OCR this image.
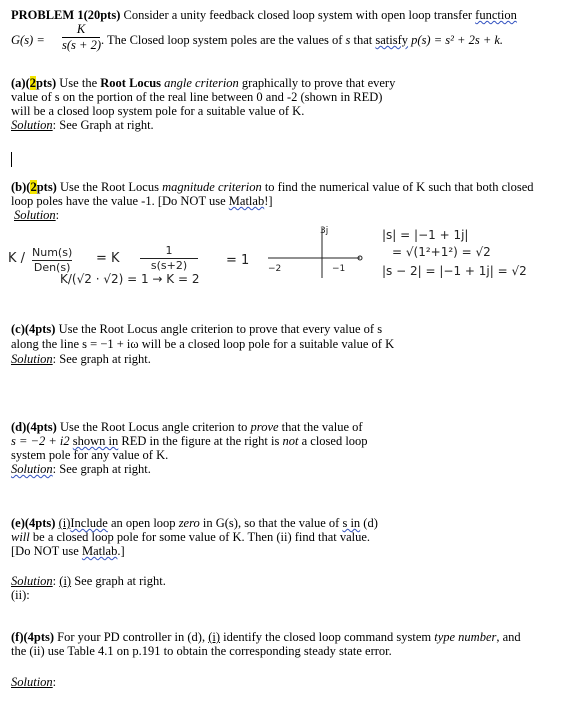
PROBLEM 1(20pts) Consider a unity feedback closed loop system with open loop transfer function
G(s) =
K
s(s + 2) . The Closed loop system poles are the values of s that satisfy p(s) = s² + 2s + k.
(a)(2pts) Use the Root Locus angle criterion graphically to prove that every
value of s on the portion of the real line between 0 and -2 (shown in RED)
will be a closed loop system pole for a suitable value of K.
Solution: See Graph at right.
(b)(2pts) Use the Root Locus magnitude criterion to find the numerical value of K such that both closed
loop poles have the value -1. [Do NOT use Matlab!]
Solution:
K / Num(s)
Den(s)
= K
1
s(s+2)	= 1
K/(√2 · √2) = 1 → K = 2
3j
−2	−1
|s| = |−1 + 1j|
= √(1²+1²) = √2
|s − 2| = |−1 + 1j| = √2
(c)(4pts) Use the Root Locus angle criterion to prove that every value of s
along the line s = −1 + iω will be a closed loop pole for a suitable value of K
Solution: See graph at right.
(d)(4pts) Use the Root Locus angle criterion to prove that the value of
s = −2 + i2 shown in RED in the figure at the right is not a closed loop
system pole for any value of K.
Solution: See graph at right.
(e)(4pts) (i)Include an open loop zero in G(s), so that the value of s in (d)
will be a closed loop pole for some value of K. Then (ii) find that value.
[Do NOT use Matlab.]
Solution: (i) See graph at right.
(ii):
(f)(4pts) For your PD controller in (d), (i) identify the closed loop command system type number, and
the (ii) use Table 4.1 on p.191 to obtain the corresponding steady state error.
Solution:
